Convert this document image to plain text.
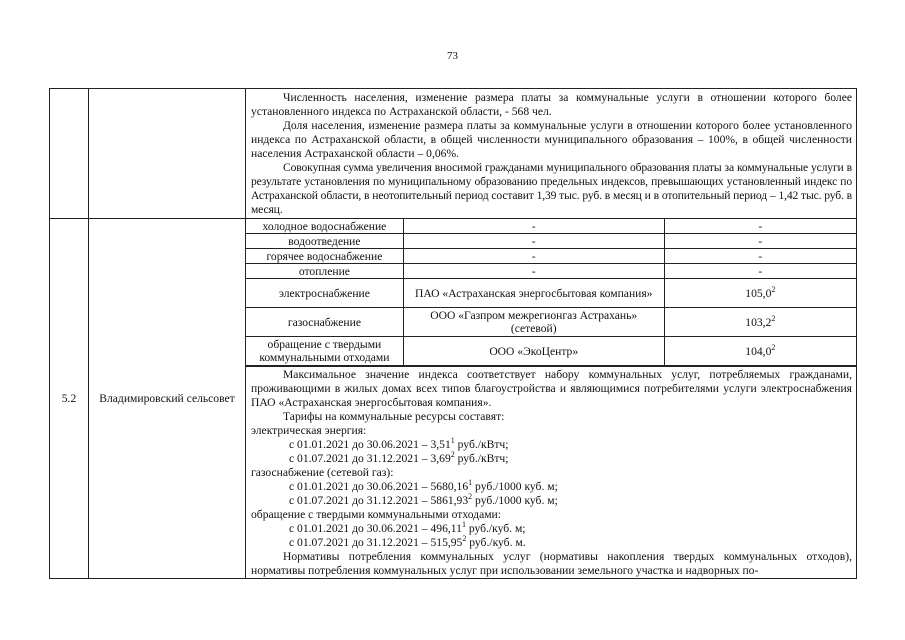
73

Численность населения, изменение размера платы за коммунальные услуги в отношении которого более установленного индекса по Астраханской области, - 568 чел.

Доля населения, изменение размера платы за коммунальные услуги в отношении которого более установленного индекса по Астраханской области, в общей численности муниципального образования – 100%, в общей численности населения Астраханской области – 0,06%.

Совокупная сумма увеличения вносимой гражданами муниципального образования платы за коммунальные услуги в результате установления по муниципальному образованию предельных индексов, превышающих установленный индекс по Астраханской области, в неотопительный период составит 1,39 тыс. руб. в месяц и в отопительный период – 1,42 тыс. руб. в месяц.

5.2	Владимировский сельсовет	
холодное водоснабжение	-	-
водоотведение	-	-
горячее водоснабжение	-	-
отопление	-	-
электроснабжение	ПАО «Астраханская энергосбытовая компания»	105,0$^2$
газоснабжение	ООО «Газпром межрегионгаз Астрахань» (сетевой)	103,2$^2$
обращение с твердыми коммунальными отходами	ООО «ЭкоЦентр»	104,0$^2$

Максимальное значение индекса соответствует набору коммунальных услуг, потребляемых гражданами, проживающими в жилых домах всех типов благоустройства и являющимися потребителями услуги электроснабжения ПАО «Астраханская энергосбытовая компания».

Тарифы на коммунальные ресурсы составят:

электрическая энергия:

с 01.01.2021 до 30.06.2021 – 3,51$^1$ руб./кВтч;

с 01.07.2021 до 31.12.2021 – 3,69$^2$ руб./кВтч;

газоснабжение (сетевой газ):

с 01.01.2021 до 30.06.2021 – 5680,16$^1$ руб./1000 куб. м;

с 01.07.2021 до 31.12.2021 – 5861,93$^2$ руб./1000 куб. м;

обращение с твердыми коммунальными отходами:

с 01.01.2021 до 30.06.2021 – 496,11$^1$ руб./куб. м;

с 01.07.2021 до 31.12.2021 – 515,95$^2$ руб./куб. м.

Нормативы потребления коммунальных услуг (нормативы накопления твердых коммунальных отходов), нормативы потребления коммунальных услуг при использовании земельного участка и надворных по-
